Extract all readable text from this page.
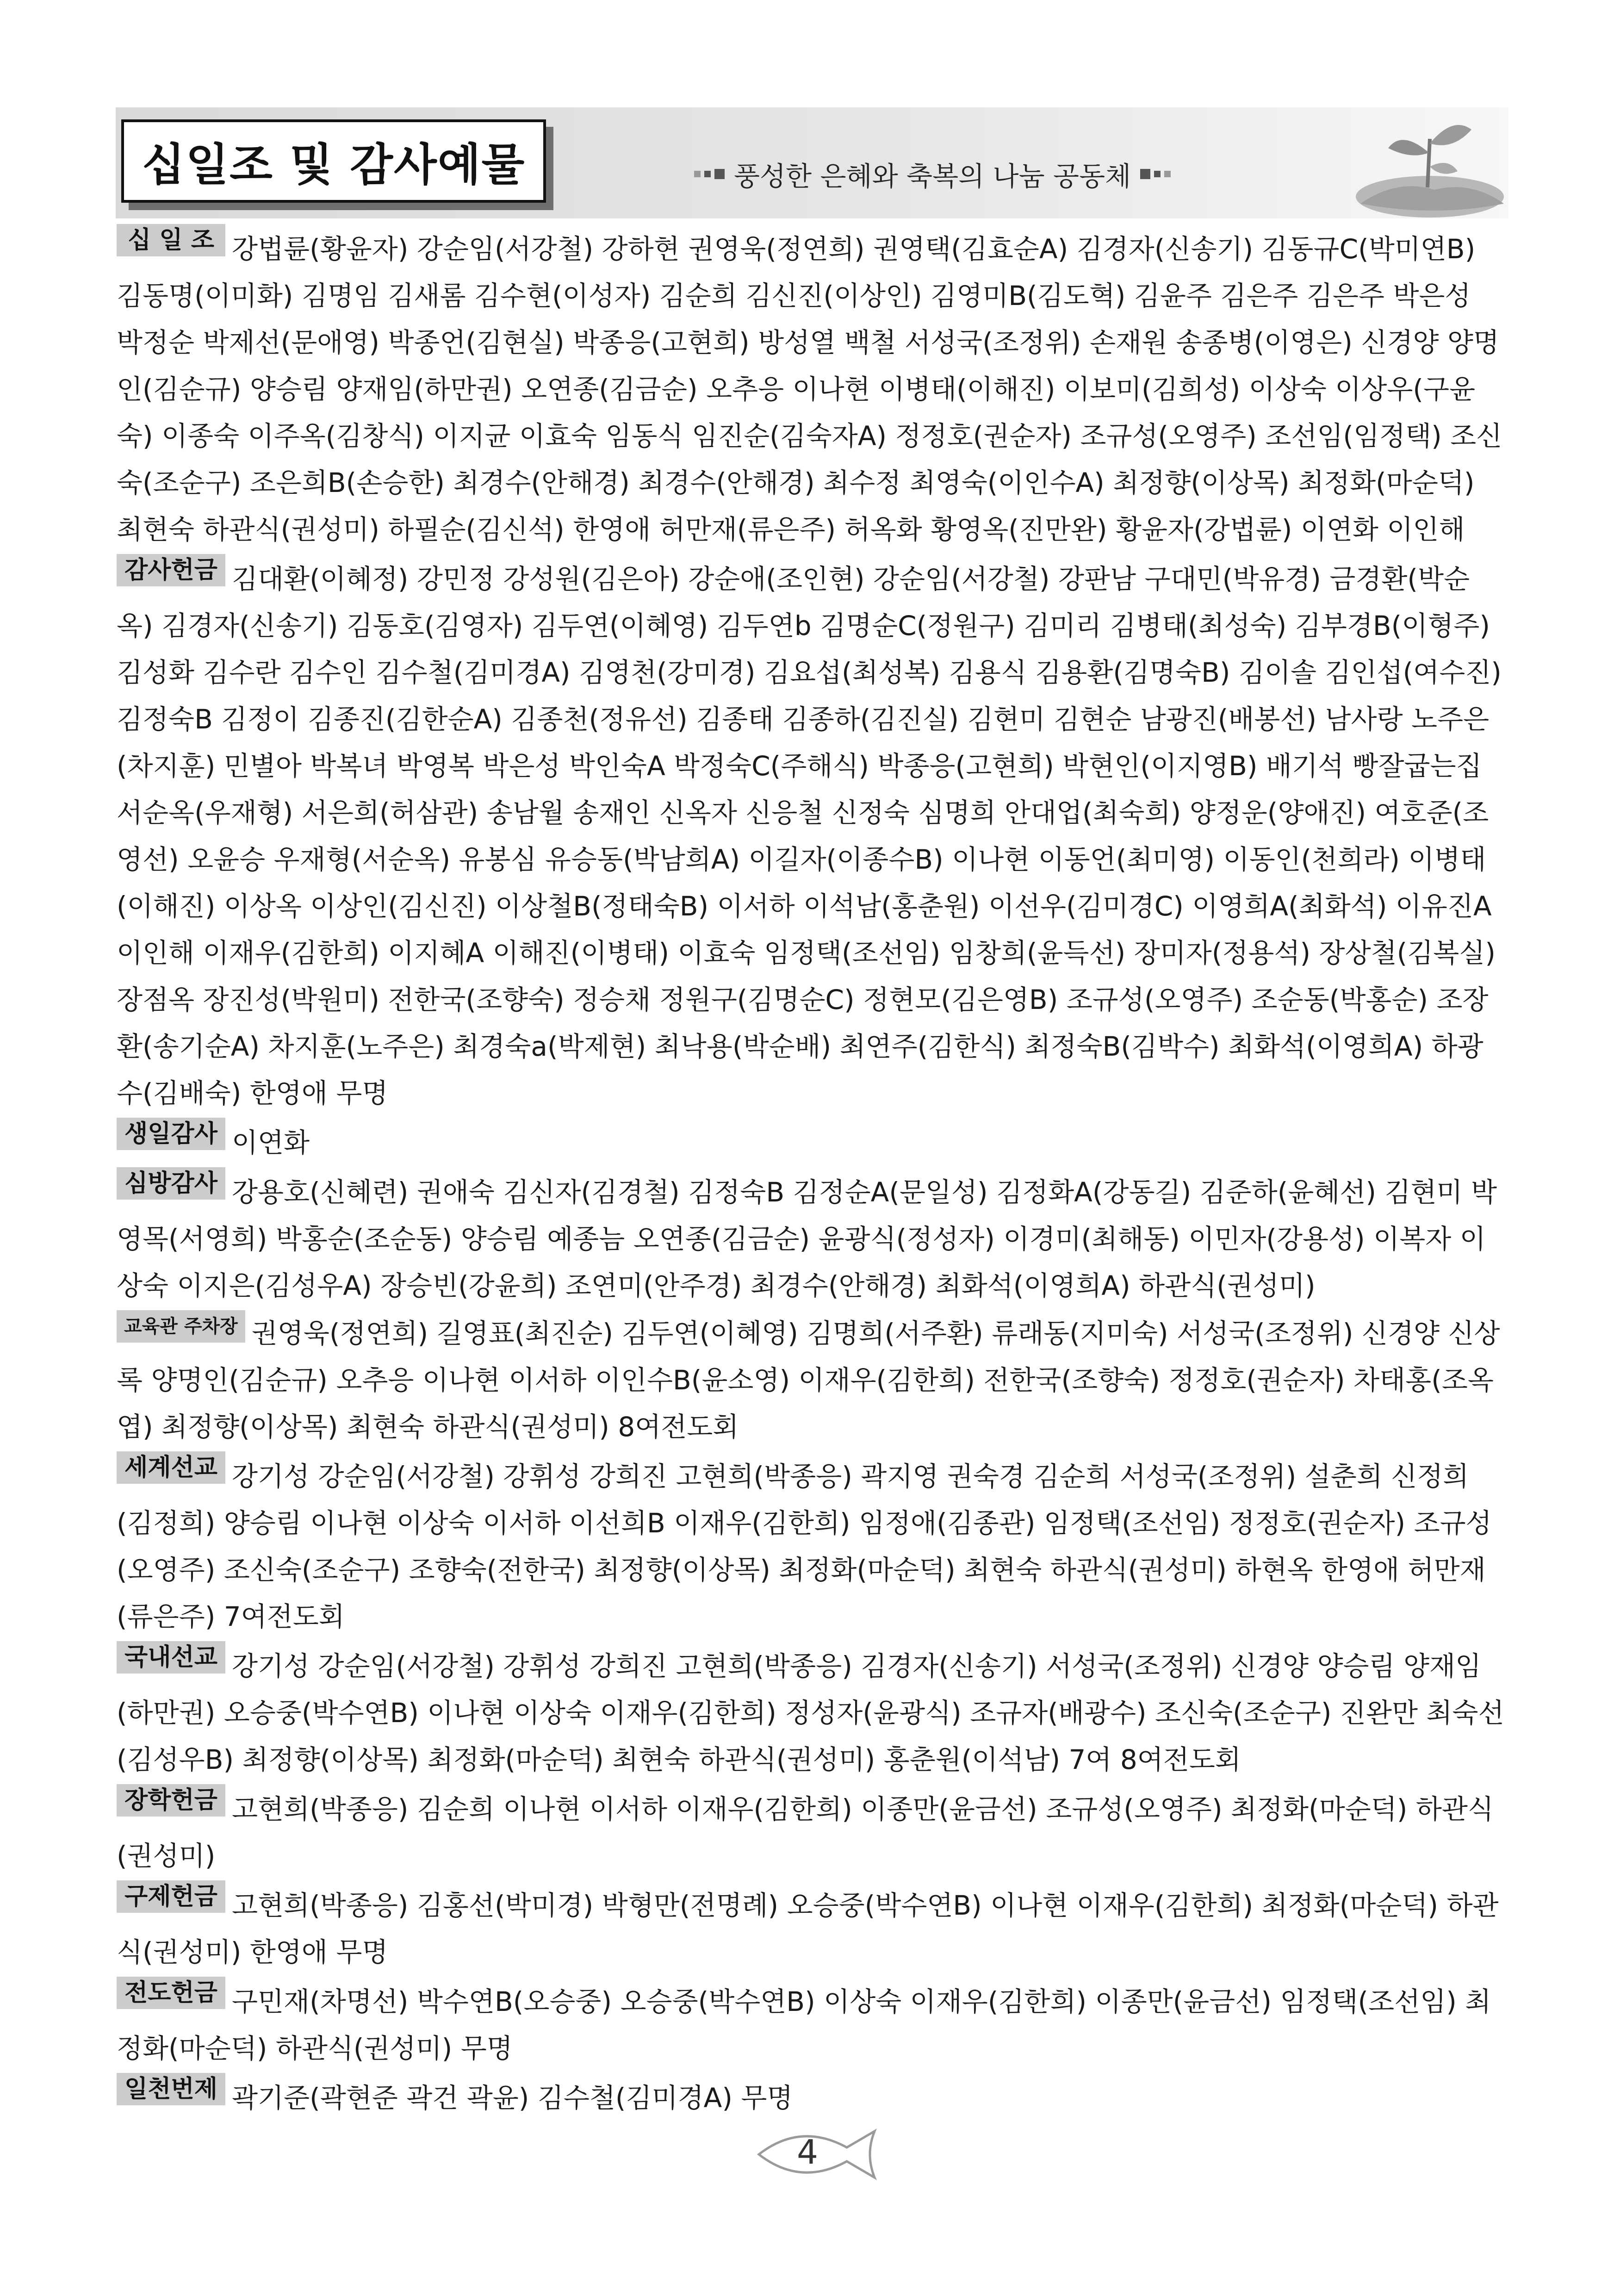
십일조 및 감사예물	풍성한 은혜와 축복의 나눔 공동체
십 일 조 강법륜(황윤자) 강순임(서강철) 강하현 권영욱(정연희) 권영택(김효순A) 김경자(신송기) 김동규C(박미연B) 김동명(이미화) 김명임 김새롬 김수현(이성자) 김순희 김신진(이상인) 김영미B(김도혁) 김윤주 김은주 김은주 박은성 박정순 박제선(문애영) 박종언(김현실) 박종응(고현희) 방성열 백철 서성국(조정위) 손재원 송종병(이영은) 신경양 양명인(김순규) 양승림 양재임(하만권) 오연종(김금순) 오추응 이나현 이병태(이해진) 이보미(김희성) 이상숙 이상우(구윤숙) 이종숙 이주옥(김창식) 이지균 이효숙 임동식 임진순(김숙자A) 정정호(권순자) 조규성(오영주) 조선임(임정택) 조신숙(조순구) 조은희B(손승한) 최경수(안해경) 최경수(안해경) 최수정 최영숙(이인수A) 최정향(이상목) 최정화(마순덕) 최현숙 하관식(권성미) 하필순(김신석) 한영애 허만재(류은주) 허옥화 황영옥(진만완) 황윤자(강법륜) 이연화 이인해
감사헌금 김대환(이혜정) 강민정 강성원(김은아) 강순애(조인현) 강순임(서강철) 강판남 구대민(박유경) 금경환(박순옥) 김경자(신송기) 김동호(김영자) 김두연(이혜영) 김두연b 김명순C(정원구) 김미리 김병태(최성숙) 김부경B(이형주) 김성화 김수란 김수인 김수철(김미경A) 김영천(강미경) 김요섭(최성복) 김용식 김용환(김명숙B) 김이솔 김인섭(여수진) 김정숙B 김정이 김종진(김한순A) 김종천(정유선) 김종태 김종하(김진실) 김현미 김현순 남광진(배봉선) 남사랑 노주은(차지훈) 민별아 박복녀 박영복 박은성 박인숙A 박정숙C(주해식) 박종응(고현희) 박현인(이지영B) 배기석 빵잘굽는집 서순옥(우재형) 서은희(허삼관) 송남월 송재인 신옥자 신응철 신정숙 심명희 안대업(최숙희) 양정운(양애진) 여호준(조영선) 오윤승 우재형(서순옥) 유봉심 유승동(박남희A) 이길자(이종수B) 이나현 이동언(최미영) 이동인(천희라) 이병태(이해진) 이상옥 이상인(김신진) 이상철B(정태숙B) 이서하 이석남(홍춘원) 이선우(김미경C) 이영희A(최화석) 이유진A 이인해 이재우(김한희) 이지혜A 이해진(이병태) 이효숙 임정택(조선임) 임창희(윤득선) 장미자(정용석) 장상철(김복실) 장점옥 장진성(박원미) 전한국(조향숙) 정승채 정원구(김명순C) 정현모(김은영B) 조규성(오영주) 조순동(박홍순) 조장환(송기순A) 차지훈(노주은) 최경숙a(박제현) 최낙용(박순배) 최연주(김한식) 최정숙B(김박수) 최화석(이영희A) 하광수(김배숙) 한영애 무명
생일감사 이연화
심방감사 강용호(신혜련) 권애숙 김신자(김경철) 김정숙B 김정순A(문일성) 김정화A(강동길) 김준하(윤혜선) 김현미 박영목(서영희) 박홍순(조순동) 양승림 예종늠 오연종(김금순) 윤광식(정성자) 이경미(최해동) 이민자(강용성) 이복자 이상숙 이지은(김성우A) 장승빈(강윤희) 조연미(안주경) 최경수(안해경) 최화석(이영희A) 하관식(권성미)
교육관 주차장 권영욱(정연희) 길영표(최진순) 김두연(이혜영) 김명희(서주환) 류래동(지미숙) 서성국(조정위) 신경양 신상록 양명인(김순규) 오추응 이나현 이서하 이인수B(윤소영) 이재우(김한희) 전한국(조향숙) 정정호(권순자) 차태홍(조옥엽) 최정향(이상목) 최현숙 하관식(권성미) 8여전도회
세계선교 강기성 강순임(서강철) 강휘성 강희진 고현희(박종응) 곽지영 권숙경 김순희 서성국(조정위) 설춘희 신정희(김정희) 양승림 이나현 이상숙 이서하 이선희B 이재우(김한희) 임정애(김종관) 임정택(조선임) 정정호(권순자) 조규성(오영주) 조신숙(조순구) 조향숙(전한국) 최정향(이상목) 최정화(마순덕) 최현숙 하관식(권성미) 하현옥 한영애 허만재(류은주) 7여전도회
국내선교 강기성 강순임(서강철) 강휘성 강희진 고현희(박종응) 김경자(신송기) 서성국(조정위) 신경양 양승림 양재임(하만권) 오승중(박수연B) 이나현 이상숙 이재우(김한희) 정성자(윤광식) 조규자(배광수) 조신숙(조순구) 진완만 최숙선(김성우B) 최정향(이상목) 최정화(마순덕) 최현숙 하관식(권성미) 홍춘원(이석남) 7여 8여전도회
장학헌금 고현희(박종응) 김순희 이나현 이서하 이재우(김한희) 이종만(윤금선) 조규성(오영주) 최정화(마순덕) 하관식(권성미)
구제헌금 고현희(박종응) 김홍선(박미경) 박형만(전명례) 오승중(박수연B) 이나현 이재우(김한희) 최정화(마순덕) 하관식(권성미) 한영애 무명
전도헌금 구민재(차명선) 박수연B(오승중) 오승중(박수연B) 이상숙 이재우(김한희) 이종만(윤금선) 임정택(조선임) 최정화(마순덕) 하관식(권성미) 무명
일천번제 곽기준(곽현준 곽건 곽윤) 김수철(김미경A) 무명
4
